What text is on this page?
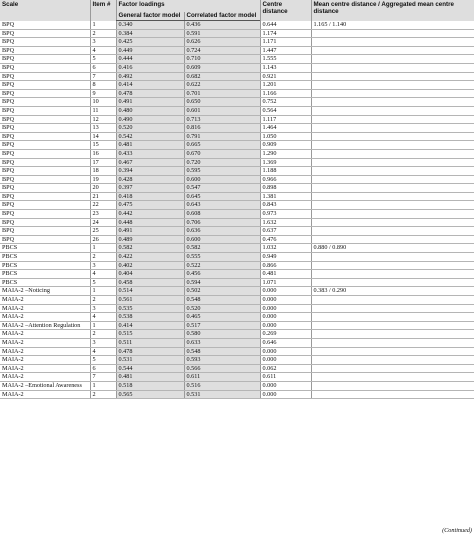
Scale	Item #	Factor loadings		Centre distance	Mean centre distance / Aggregated mean centre distance
		General factor model	Correlated factor model		
BPQ	1	0.340	0.436	0.644	1.165 / 1.140
BPQ	2	0.384	0.591	1.174	
BPQ	3	0.425	0.626	1.171	
BPQ	4	0.449	0.724	1.447	
BPQ	5	0.444	0.710	1.555	
BPQ	6	0.416	0.609	1.143	
BPQ	7	0.492	0.682	0.921	
BPQ	8	0.414	0.622	1.201	
BPQ	9	0.478	0.701	1.166	
BPQ	10	0.491	0.650	0.752	
BPQ	11	0.480	0.601	0.564	
BPQ	12	0.490	0.713	1.117	
BPQ	13	0.520	0.816	1.464	
BPQ	14	0.542	0.791	1.050	
BPQ	15	0.481	0.665	0.909	
BPQ	16	0.433	0.670	1.290	
BPQ	17	0.467	0.720	1.369	
BPQ	18	0.394	0.595	1.188	
BPQ	19	0.428	0.600	0.966	
BPQ	20	0.397	0.547	0.898	
BPQ	21	0.418	0.645	1.381	
BPQ	22	0.475	0.643	0.843	
BPQ	23	0.442	0.608	0.973	
BPQ	24	0.448	0.706	1.632	
BPQ	25	0.491	0.636	0.637	
BPQ	26	0.489	0.600	0.476	
PBCS	1	0.582	0.582	1.032	0.880 / 0.890
PBCS	2	0.422	0.555	0.949	
PBCS	3	0.402	0.522	0.866	
PBCS	4	0.404	0.456	0.481	
PBCS	5	0.458	0.594	1.071	
MAIA-2 –Noticing	1	0.514	0.502	0.000	0.383 / 0.290
MAIA-2	2	0.561	0.548	0.000	
MAIA-2	3	0.535	0.520	0.000	
MAIA-2	4	0.538	0.465	0.000	
MAIA-2 –Attention Regulation	1	0.414	0.517	0.000	
MAIA-2	2	0.515	0.580	0.269	
MAIA-2	3	0.511	0.633	0.646	
MAIA-2	4	0.478	0.548	0.000	
MAIA-2	5	0.531	0.593	0.000	
MAIA-2	6	0.544	0.566	0.062	
MAIA-2	7	0.481	0.611	0.611	
MAIA-2 –Emotional Awareness	1	0.518	0.516	0.000	
MAIA-2	2	0.565	0.531	0.000	
(Continued)
